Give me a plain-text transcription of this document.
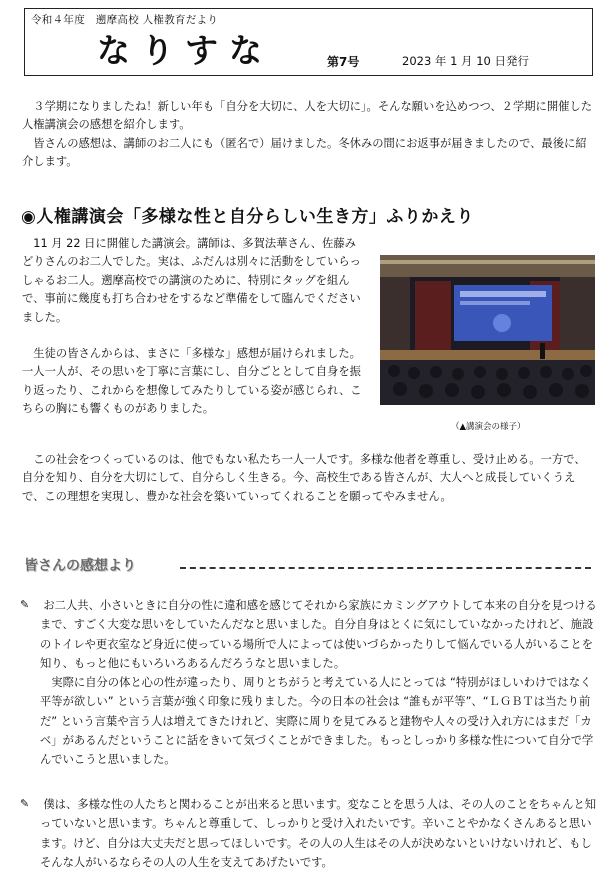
令和４年度　遡摩高校 人権教育だより
なりすな	第7号	2023 年 1 月 10 日発行

３学期になりましたね！新しい年も「自分を大切に、人を大切に」。そんな願いを込めつつ、２学期に開催した人権講演会の感想を紹介します。

皆さんの感想は、講師のお二人にも（匿名で）届けました。冬休みの間にお返事が届きましたので、最後に紹介します。

◉人権講演会「多様な性と自分らしい生き方」ふりかえり

11 月 22 日に開催した講演会。講師は、多賀法華さん、佐藤みどりさんのお二人でした。実は、ふだんは別々に活動をしていらっしゃるお二人。遡摩高校での講演のために、特別にタッグを組んで、事前に幾度も打ち合わせをするなど準備をして臨んでくださいました。

生徒の皆さんからは、まさに「多様な」感想が届けられました。一人一人が、その思いを丁寧に言葉にし、自分ごととして自身を振り返ったり、これからを想像してみたりしている姿が感じられ、こちらの胸にも響くものがありました。

（▲講演会の様子）

この社会をつくっているのは、他でもない私たち一人一人です。多様な他者を尊重し、受け止める。一方で、自分を知り、自分を大切にして、自分らしく生きる。今、高校生である皆さんが、大人へと成長していくうえで、この理想を実現し、豊かな社会を築いていってくれることを願ってやみません。

皆さんの感想より
✎ お二人共、小さいときに自分の性に違和感を感じてそれから家族にカミングアウトして本来の自分を見つけるまで、すごく大変な思いをしていたんだなと思いました。自分自身はとくに気にしていなかったけれど、施設のトイレや更衣室など身近に使っている場所で人によっては使いづらかったりして悩んでいる人がいることを知り、もっと他にもいろいろあるんだろうなと思いました。

実際に自分の体と心の性が違ったり、周りとちがうと考えている人にとっては “特別がほしいわけではなく平等が欲しい” という言葉が強く印象に残りました。今の日本の社会は “誰もが平等”、“ＬＧＢＴは当たり前だ” という言葉や言う人は増えてきたけれど、実際に周りを見てみると建物や人々の受け入れ方にはまだ「カベ」があるんだということに話をきいて気づくことができました。もっとしっかり多様な性について自分で学んでいこうと思いました。

✎ 僕は、多様な性の人たちと関わることが出来ると思います。変なことを思う人は、その人のことをちゃんと知っていないと思います。ちゃんと尊重して、しっかりと受け入れたいです。辛いことやかなくさんあると思います。けど、自分は大丈夫だと思ってほしいです。その人の人生はその人が決めないといけないけれど、もしそんな人がいるならその人の人生を支えてあげたいです。
